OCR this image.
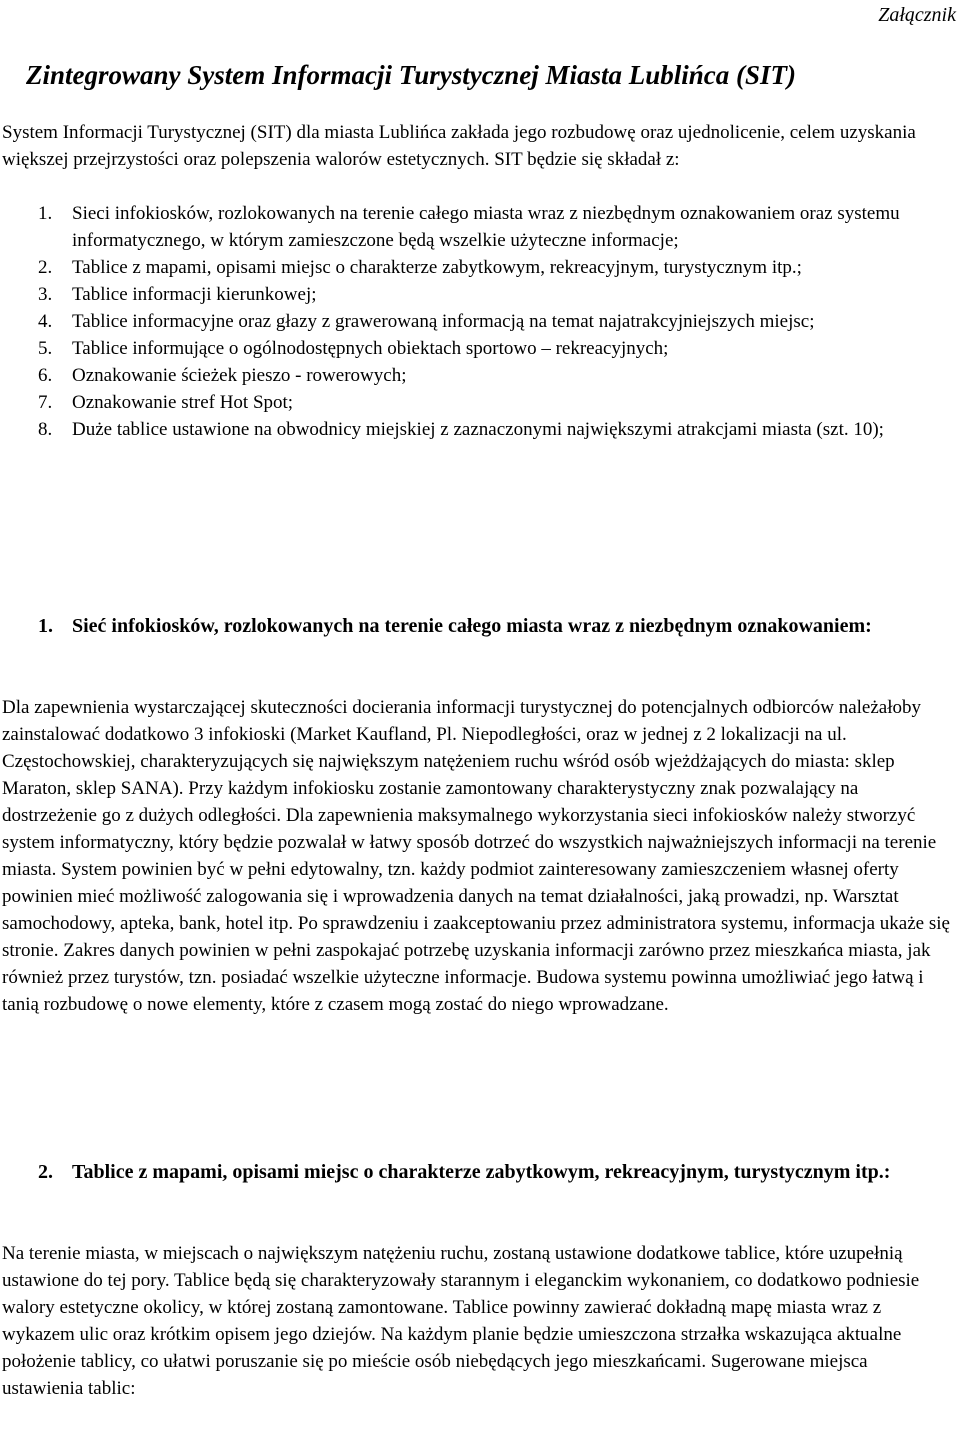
Załącznik
Zintegrowany System Informacji Turystycznej Miasta Lublińca (SIT)

System Informacji Turystycznej (SIT) dla miasta Lublińca zakłada jego rozbudowę oraz ujednolicenie, celem uzyskania większej przejrzystości oraz polepszenia walorów estetycznych. SIT będzie się składał z:

1. Sieci infokiosków, rozlokowanych na terenie całego miasta wraz z niezbędnym oznakowaniem oraz systemu informatycznego, w którym zamieszczone będą wszelkie użyteczne informacje;
2. Tablice z mapami, opisami miejsc o charakterze zabytkowym, rekreacyjnym, turystycznym itp.;
3. Tablice informacji kierunkowej;
4. Tablice informacyjne oraz głazy z grawerowaną informacją na temat najatrakcyjniejszych miejsc;
5. Tablice informujące o ogólnodostępnych obiektach sportowo – rekreacyjnych;
6. Oznakowanie ścieżek pieszo - rowerowych;
7. Oznakowanie stref Hot Spot;
8. Duże tablice ustawione na obwodnicy miejskiej z zaznaczonymi największymi atrakcjami miasta (szt. 10);
1. Sieć infokiosków, rozlokowanych na terenie całego miasta wraz z niezbędnym oznakowaniem:

Dla zapewnienia wystarczającej skuteczności docierania informacji turystycznej do potencjalnych odbiorców należałoby zainstalować dodatkowo 3 infokioski (Market Kaufland, Pl. Niepodległości, oraz w jednej z 2 lokalizacji na ul. Częstochowskiej, charakteryzujących się największym natężeniem ruchu wśród osób wjeżdżających do miasta: sklep Maraton, sklep SANA). Przy każdym infokiosku zostanie zamontowany charakterystyczny znak pozwalający na dostrzeżenie go z dużych odległości. Dla zapewnienia maksymalnego wykorzystania sieci infokiosków należy stworzyć system informatyczny, który będzie pozwalał w łatwy sposób dotrzeć do wszystkich najważniejszych informacji na terenie miasta. System powinien być w pełni edytowalny, tzn. każdy podmiot zainteresowany zamieszczeniem własnej oferty powinien mieć możliwość zalogowania się i wprowadzenia danych na temat działalności, jaką prowadzi, np. Warsztat samochodowy, apteka, bank, hotel itp. Po sprawdzeniu i zaakceptowaniu przez administratora systemu, informacja ukaże się stronie. Zakres danych powinien w pełni zaspokajać potrzebę uzyskania informacji zarówno przez mieszkańca miasta, jak również przez turystów, tzn. posiadać wszelkie użyteczne informacje. Budowa systemu powinna umożliwiać jego łatwą i tanią rozbudowę o nowe elementy, które z czasem mogą zostać do niego wprowadzane.

2. Tablice z mapami, opisami miejsc o charakterze zabytkowym, rekreacyjnym, turystycznym itp.:

Na terenie miasta, w miejscach o największym natężeniu ruchu, zostaną ustawione dodatkowe tablice, które uzupełnią ustawione do tej pory. Tablice będą się charakteryzowały starannym i eleganckim wykonaniem, co dodatkowo podniesie walory estetyczne okolicy, w której zostaną zamontowane. Tablice powinny zawierać dokładną mapę miasta wraz z wykazem ulic oraz krótkim opisem jego dziejów. Na każdym planie będzie umieszczona strzałka wskazująca aktualne położenie tablicy, co ułatwi poruszanie się po mieście osób niebędących jego mieszkańcami. Sugerowane miejsca ustawienia tablic:
